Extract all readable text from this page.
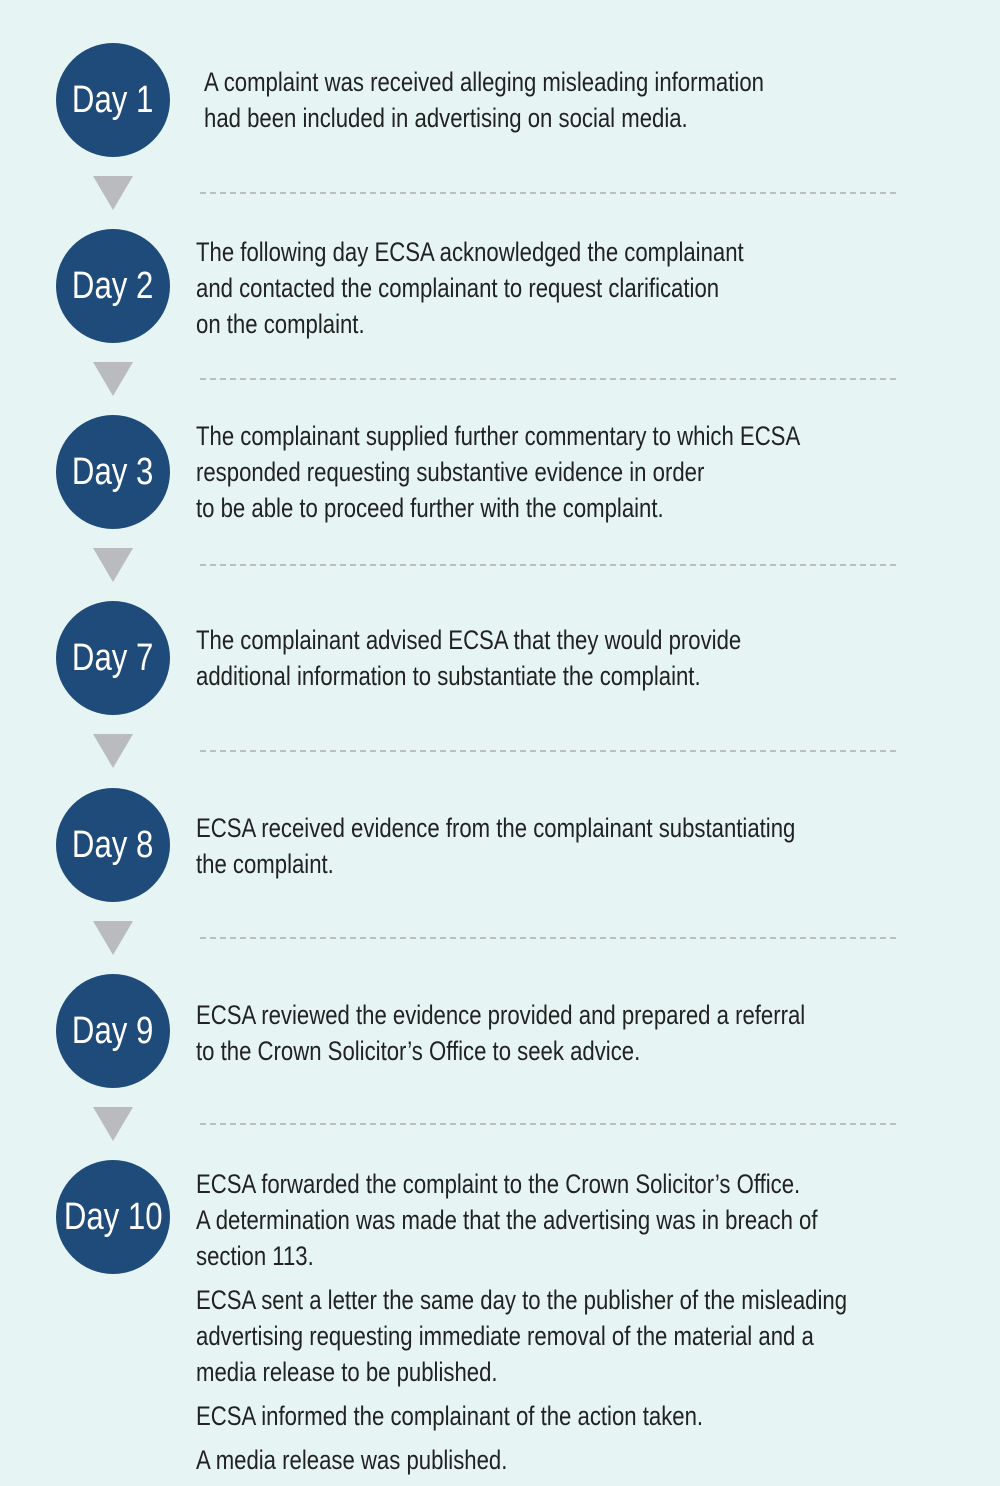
Day 1 A complaint was received alleging misleading information
had been included in advertising on social media.
Day 2
The following day ECSA acknowledged the complainant
and contacted the complainant to request clarification
on the complaint.
Day 3
The complainant supplied further commentary to which ECSA
responded requesting substantive evidence in order
to be able to proceed further with the complaint.
Day 7 The complainant advised ECSA that they would provide
additional information to substantiate the complaint.
Day 8 ECSA received evidence from the complainant substantiating
the complaint.
Day 9 ECSA reviewed the evidence provided and prepared a referral
to the Crown Solicitor’s Office to seek advice.
Day 10
ECSA forwarded the complaint to the Crown Solicitor’s Office.
A determination was made that the advertising was in breach of
section 113.
ECSA sent a letter the same day to the publisher of the misleading
advertising requesting immediate removal of the material and a
media release to be published.
ECSA informed the complainant of the action taken.
A media release was published.
